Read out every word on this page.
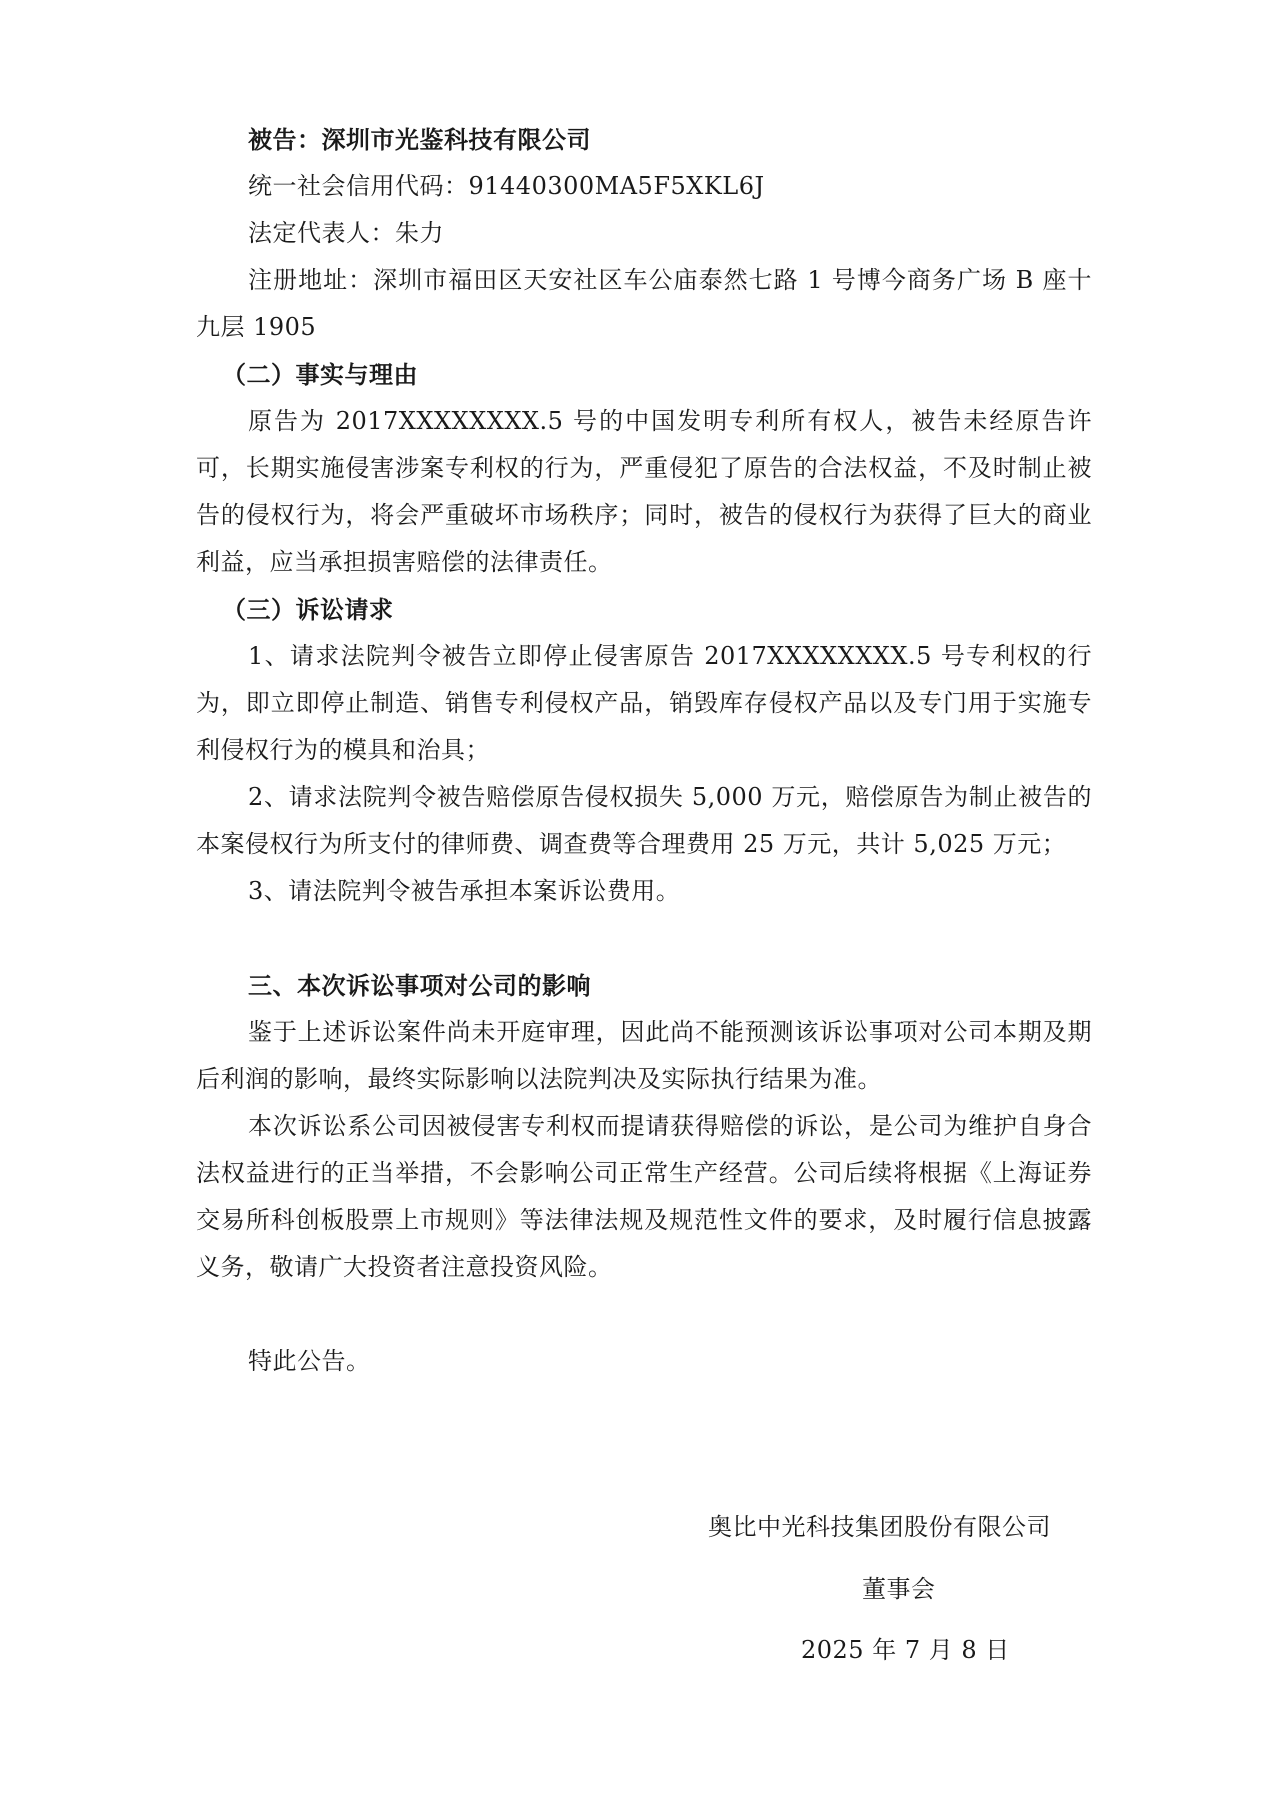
被告：深圳市光鉴科技有限公司

统一社会信用代码：91440300MA5F5XKL6J

法定代表人：朱力

注册地址：深圳市福田区天安社区车公庙泰然七路 1 号博今商务广场 B 座十九层 1905

（二）事实与理由

原告为 2017XXXXXXXX.5 号的中国发明专利所有权人，被告未经原告许可，长期实施侵害涉案专利权的行为，严重侵犯了原告的合法权益，不及时制止被告的侵权行为，将会严重破坏市场秩序；同时，被告的侵权行为获得了巨大的商业利益，应当承担损害赔偿的法律责任。

（三）诉讼请求

1、请求法院判令被告立即停止侵害原告 2017XXXXXXXX.5 号专利权的行为，即立即停止制造、销售专利侵权产品，销毁库存侵权产品以及专门用于实施专利侵权行为的模具和治具；

2、请求法院判令被告赔偿原告侵权损失 5,000 万元，赔偿原告为制止被告的本案侵权行为所支付的律师费、调查费等合理费用 25 万元，共计 5,025 万元；

3、请法院判令被告承担本案诉讼费用。

三、本次诉讼事项对公司的影响

鉴于上述诉讼案件尚未开庭审理，因此尚不能预测该诉讼事项对公司本期及期后利润的影响，最终实际影响以法院判决及实际执行结果为准。

本次诉讼系公司因被侵害专利权而提请获得赔偿的诉讼，是公司为维护自身合法权益进行的正当举措，不会影响公司正常生产经营。公司后续将根据《上海证券交易所科创板股票上市规则》等法律法规及规范性文件的要求，及时履行信息披露义务，敬请广大投资者注意投资风险。

特此公告。

奥比中光科技集团股份有限公司
董事会
2025 年 7 月 8 日
